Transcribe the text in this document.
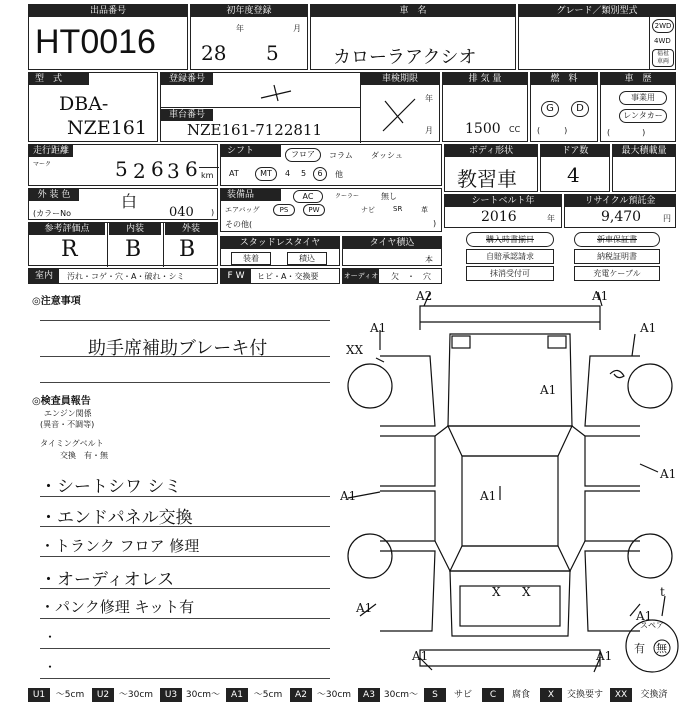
出品番号
HT0016
初年度登録
年	月
28 5
車　名
カローラアクシオ
グレード／類別型式
2WD
4WD
福祉
車両
型　式
DBA-
NZE161
登録番号	車検期限
車台番号
NZE161-7122811
年
月
排 気 量
1500 CC
燃　料
G	D
(　　　)
車　歴
事業用
レンタカー
(　　　　)
走行距離
マーク	5 2 6 3 6 km
シフト	フロア	コラム ダッシュ
AT	MT	4 5	6	他
ボディ形状
教習車
ドア数
4
最大積載量
外 装 色	白
(カラーNo	040 )
装備品	AC	クーラー	無し
エアバッグ	PS	PW	ナビ	SR	革
その他(	)
シートベルト年
2016	年
リサイクル預託金
9,470	円
参考評価点	内装	外装
R B B	スタッドレスタイヤ
装着	積込
タイヤ積込
本
購入時書揃日	新車保証書
自賠承認請求	納税証明書
抹消受付可	充電ケーブル
室内	汚れ・コゲ・穴・A・破れ・シミ	F W	ヒビ・A・交換要	オーディオ 欠　・　穴
◎注意事項
助手席補助ブレーキ付
◎検査員報告
エンジン関係
(異音・不調等)
タイミングベルト
交換　有・無
・
・
・シートシワ シミ
・エンドパネル交換
・トランク フロア 修理
・オーディオレス
・パンク修理 キット有
A2	A1
A1	A1
XX
A1
A1	A1
A1
A1
A1
A1	A1
X X	t
スペア
有 無
U1	〜5cm	U2	〜30cm	U3 30cm〜	A1	〜5cm	A2	〜30cm	A3 30cm〜	S	サビ	C	腐食	X	交換要す	XX	交換済
